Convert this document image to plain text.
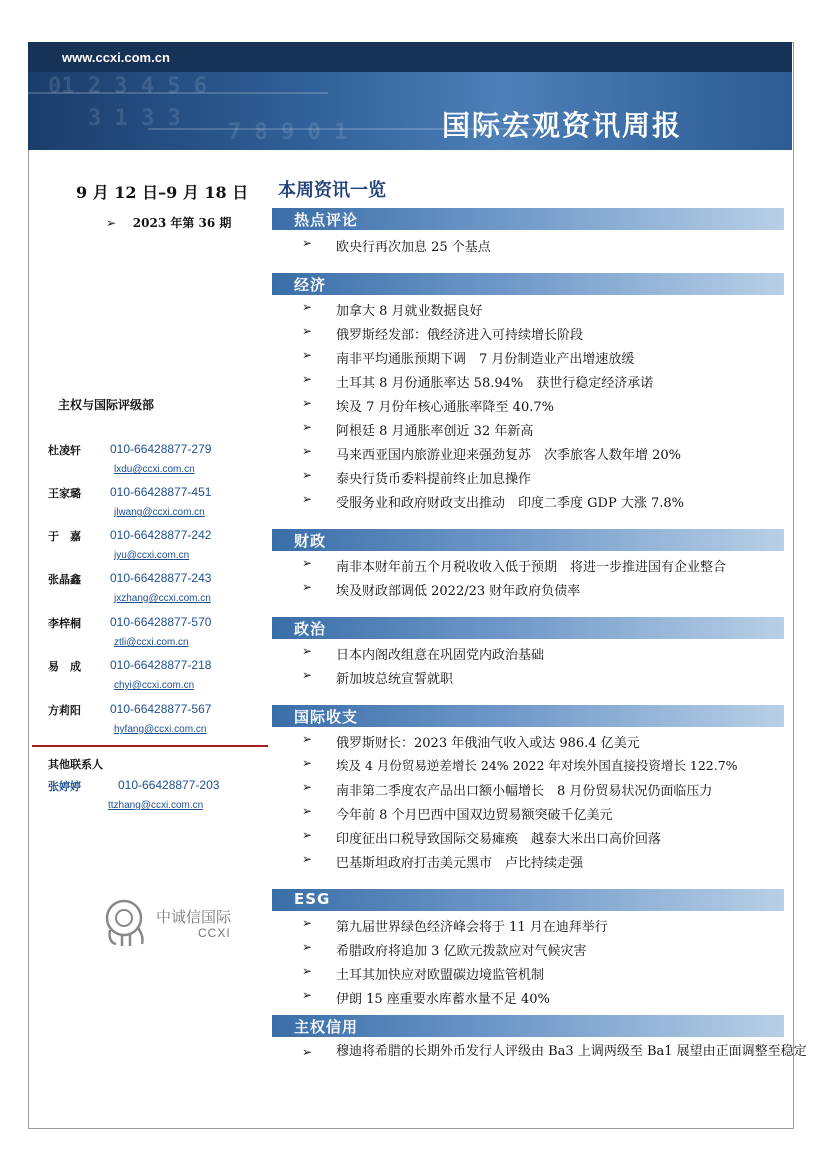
www.ccxi.com.cn
01 2 3 4 5 6
3 1 3 3
7 8 9 0 1	国际宏观资讯周报
9 月 12 日–9 月 18 日
➢ 2023 年第 36 期
主权与国际评级部
杜凌轩 010-66428877-279
lxdu@ccxi.com.cn
王家璐 010-66428877-451
jlwang@ccxi.com.cn
于　嘉 010-66428877-242
jyu@ccxi.com.cn
张晶鑫 010-66428877-243
jxzhang@ccxi.com.cn
李梓桐 010-66428877-570
ztli@ccxi.com.cn
易　成 010-66428877-218
chyi@ccxi.com.cn
方莉阳 010-66428877-567
hyfang@ccxi.com.cn
其他联系人
张婷婷	010-66428877-203
ttzhang@ccxi.com.cn
中诚信国际
CCXI
本周资讯一览
热点评论
➢ 欧央行再次加息 25 个基点
经济
➢ 加拿大 8 月就业数据良好
➢ 俄罗斯经发部：俄经济进入可持续增长阶段
➢ 南非平均通胀预期下调　7 月份制造业产出增速放缓
➢ 土耳其 8 月份通胀率达 58.94%　获世行稳定经济承诺
➢ 埃及 7 月份年核心通胀率降至 40.7%
➢ 阿根廷 8 月通胀率创近 32 年新高
➢ 马来西亚国内旅游业迎来强劲复苏　次季旅客人数年增 20%
➢ 泰央行货币委料提前终止加息操作
➢ 受服务业和政府财政支出推动　印度二季度 GDP 大涨 7.8%
财政
➢ 南非本财年前五个月税收收入低于预期　将进一步推进国有企业整合
➢ 埃及财政部调低 2022/23 财年政府负债率
政治
➢ 日本内阁改组意在巩固党内政治基础
➢ 新加坡总统宣誓就职
国际收支
➢ 俄罗斯财长：2023 年俄油气收入或达 986.4 亿美元
➢ 埃及 4 月份贸易逆差增长 24% 2022 年对埃外国直接投资增长 122.7%
➢ 南非第二季度农产品出口额小幅增长　8 月份贸易状况仍面临压力
➢ 今年前 8 个月巴西中国双边贸易额突破千亿美元
➢ 印度征出口税导致国际交易瘫痪　越泰大米出口高价回落
➢ 巴基斯坦政府打击美元黑市　卢比持续走强
ESG
➢ 第九届世界绿色经济峰会将于 11 月在迪拜举行
➢ 希腊政府将追加 3 亿欧元拨款应对气候灾害
➢ 土耳其加快应对欧盟碳边境监管机制
➢ 伊朗 15 座重要水库蓄水量不足 40%
主权信用
➢ 穆迪将希腊的长期外币发行人评级由 Ba3 上调两级至 Ba1 展望由正面调整至稳定
